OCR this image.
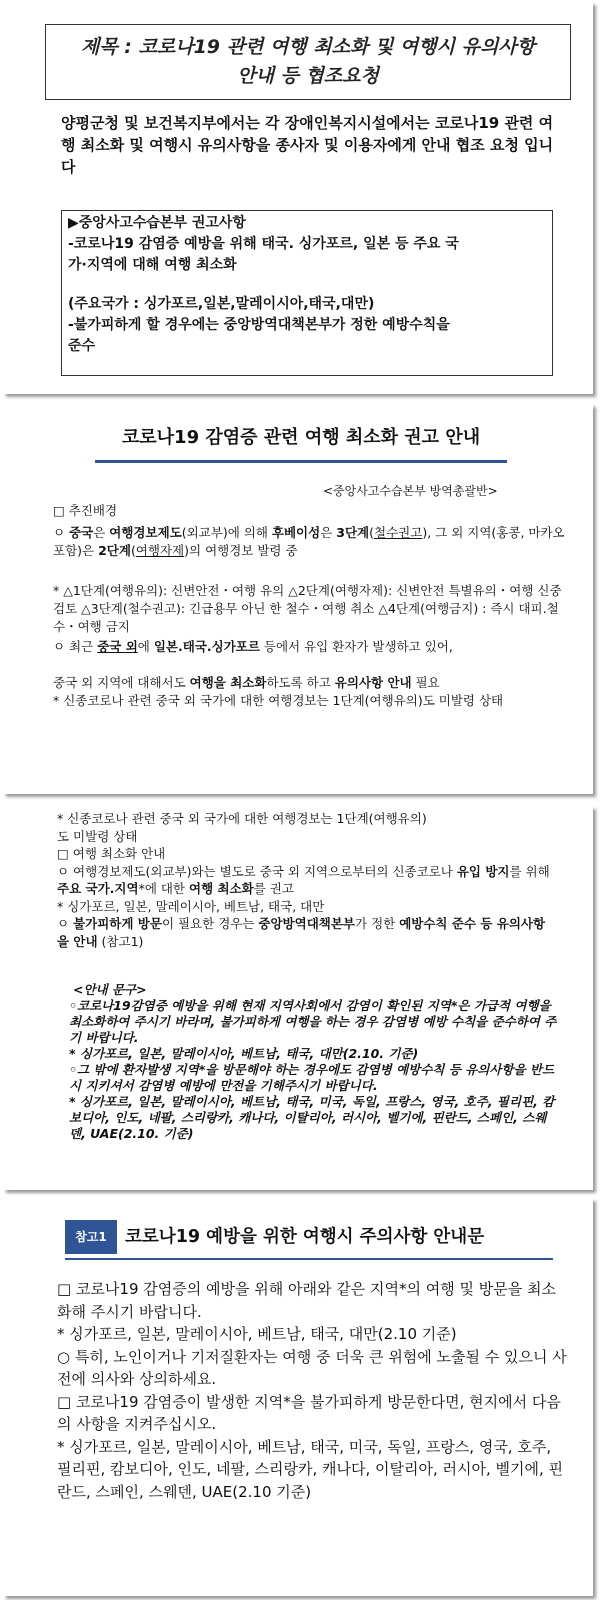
제목 : 코로나19 관련 여행 최소화 및 여행시 유의사항
안내 등 협조요청
양평군청 및 보건복지부에서는 각 장애인복지시설에서는 코로나19 관련 여행 최소화 및 여행시 유의사항을 종사자 및 이용자에게 안내 협조 요청 입니다
▶중앙사고수습본부 권고사항
-코로나19 감염증 예방을 위해 태국. 싱가포르, 일본 등 주요 국
가·지역에 대해 여행 최소화
(주요국가 : 싱가포르,일본,말레이시아,태국,대만)
-불가피하게 할 경우에는 중앙방역대책본부가 정한 예방수칙을
준수
코로나19 감염증 관련 여행 최소화 권고 안내
<중앙사고수습본부 방역총괄반>
□ 추진배경
ㅇ 중국은 여행경보제도(외교부)에 의해 후베이성은 3단계(철수권고), 그 외 지역(홍콩, 마카오 포함)은 2단계(여행자제)의 여행경보 발령 중
* △1단계(여행유의): 신변안전・여행 유의 △2단계(여행자제): 신변안전 특별유의・여행 신중검토 △3단계(철수권고): 긴급용무 아닌 한 철수・여행 취소 △4단계(여행금지) : 즉시 대피.철수・여행 금지
ㅇ 최근 중국 외에 일본.태국.싱가포르 등에서 유입 환자가 발생하고 있어,
중국 외 지역에 대해서도 여행을 최소화하도록 하고 유의사항 안내 필요
* 신종코로나 관련 중국 외 국가에 대한 여행경보는 1단계(여행유의)도 미발령 상태
* 신종코로나 관련 중국 외 국가에 대한 여행경보는 1단계(여행유의)
도 미발령 상태
□ 여행 최소화 안내
ㅇ 여행경보제도(외교부)와는 별도로 중국 외 지역으로부터의 신종코로나 유입 방지를 위해 주요 국가.지역*에 대한 여행 최소화를 권고
* 싱가포르, 일본, 말레이시아, 베트남, 태국, 대만
ㅇ 불가피하게 방문이 필요한 경우는 중앙방역대책본부가 정한 예방수칙 준수 등 유의사항을 안내 (참고1)
<안내 문구>
◦코로나19감염증 예방을 위해 현재 지역사회에서 감염이 확인된 지역*은 가급적 여행을 최소화하여 주시기 바라며, 불가피하게 여행을 하는 경우 감염병 예방 수칙을 준수하여 주기 바랍니다.
* 싱가포르, 일본, 말레이시아, 베트남, 태국, 대만(2.10. 기준)
◦그 밖에 환자발생 지역*을 방문해야 하는 경우에도 감염병 예방수칙 등 유의사항을 반드시 지키셔서 감염병 예방에 만전을 기해주시기 바랍니다.
* 싱가포르, 일본, 말레이시아, 베트남, 태국, 미국, 독일, 프랑스, 영국, 호주, 필리핀, 캄보디아, 인도, 네팔, 스리랑카, 캐나다, 이탈리아, 러시아, 벨기에, 핀란드, 스페인, 스웨덴, UAE(2.10. 기준)
참고1	코로나19 예방을 위한 여행시 주의사항 안내문
□ 코로나19 감염증의 예방을 위해 아래와 같은 지역*의 여행 및 방문을 최소화해 주시기 바랍니다.
* 싱가포르, 일본, 말레이시아, 베트남, 태국, 대만(2.10 기준)
○ 특히, 노인이거나 기저질환자는 여행 중 더욱 큰 위험에 노출될 수 있으니 사전에 의사와 상의하세요.
□ 코로나19 감염증이 발생한 지역*을 불가피하게 방문한다면, 현지에서 다음의 사항을 지켜주십시오.
* 싱가포르, 일본, 말레이시아, 베트남, 태국, 미국, 독일, 프랑스, 영국, 호주, 필리핀, 캄보디아, 인도, 네팔, 스리랑카, 캐나다, 이탈리아, 러시아, 벨기에, 핀란드, 스페인, 스웨덴, UAE(2.10 기준)
